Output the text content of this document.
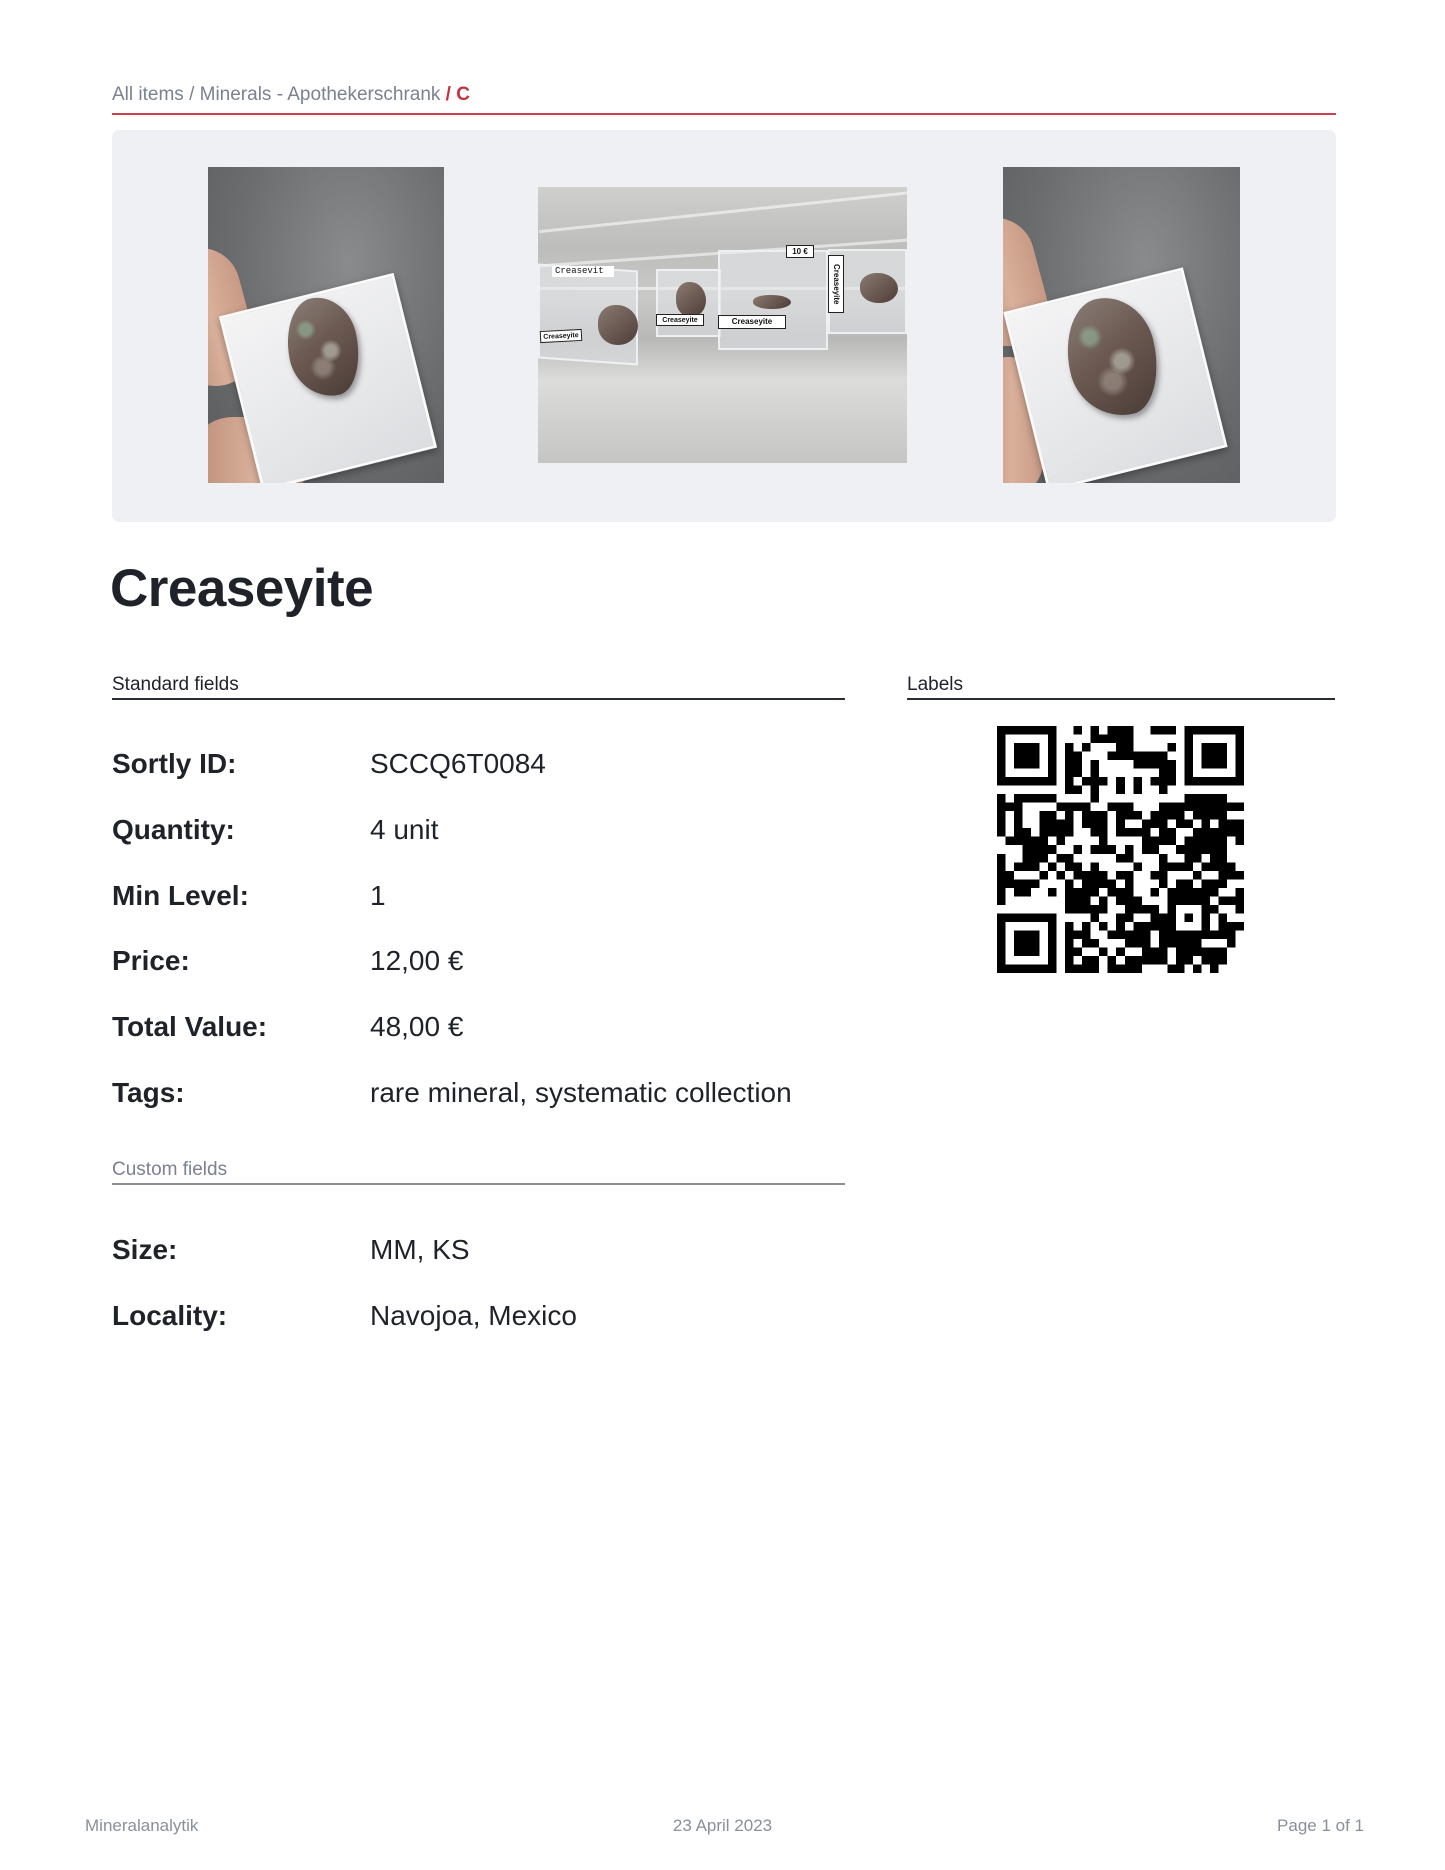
All items / Minerals - Apothekerschrank / C
Creasevit
Creaseyite
Creaseyite	Creaseyite
10 €
Creaseyite
Creaseyite
Standard fields
Sortly ID:	SCCQ6T0084
Quantity:	4 unit
Min Level:	1
Price:	12,00 €
Total Value:	48,00 €
Tags:	rare mineral, systematic collection
Custom fields
Size:	MM, KS
Locality:	Navojoa, Mexico
Labels
Mineralanalytik	23 April 2023	Page 1 of 1
